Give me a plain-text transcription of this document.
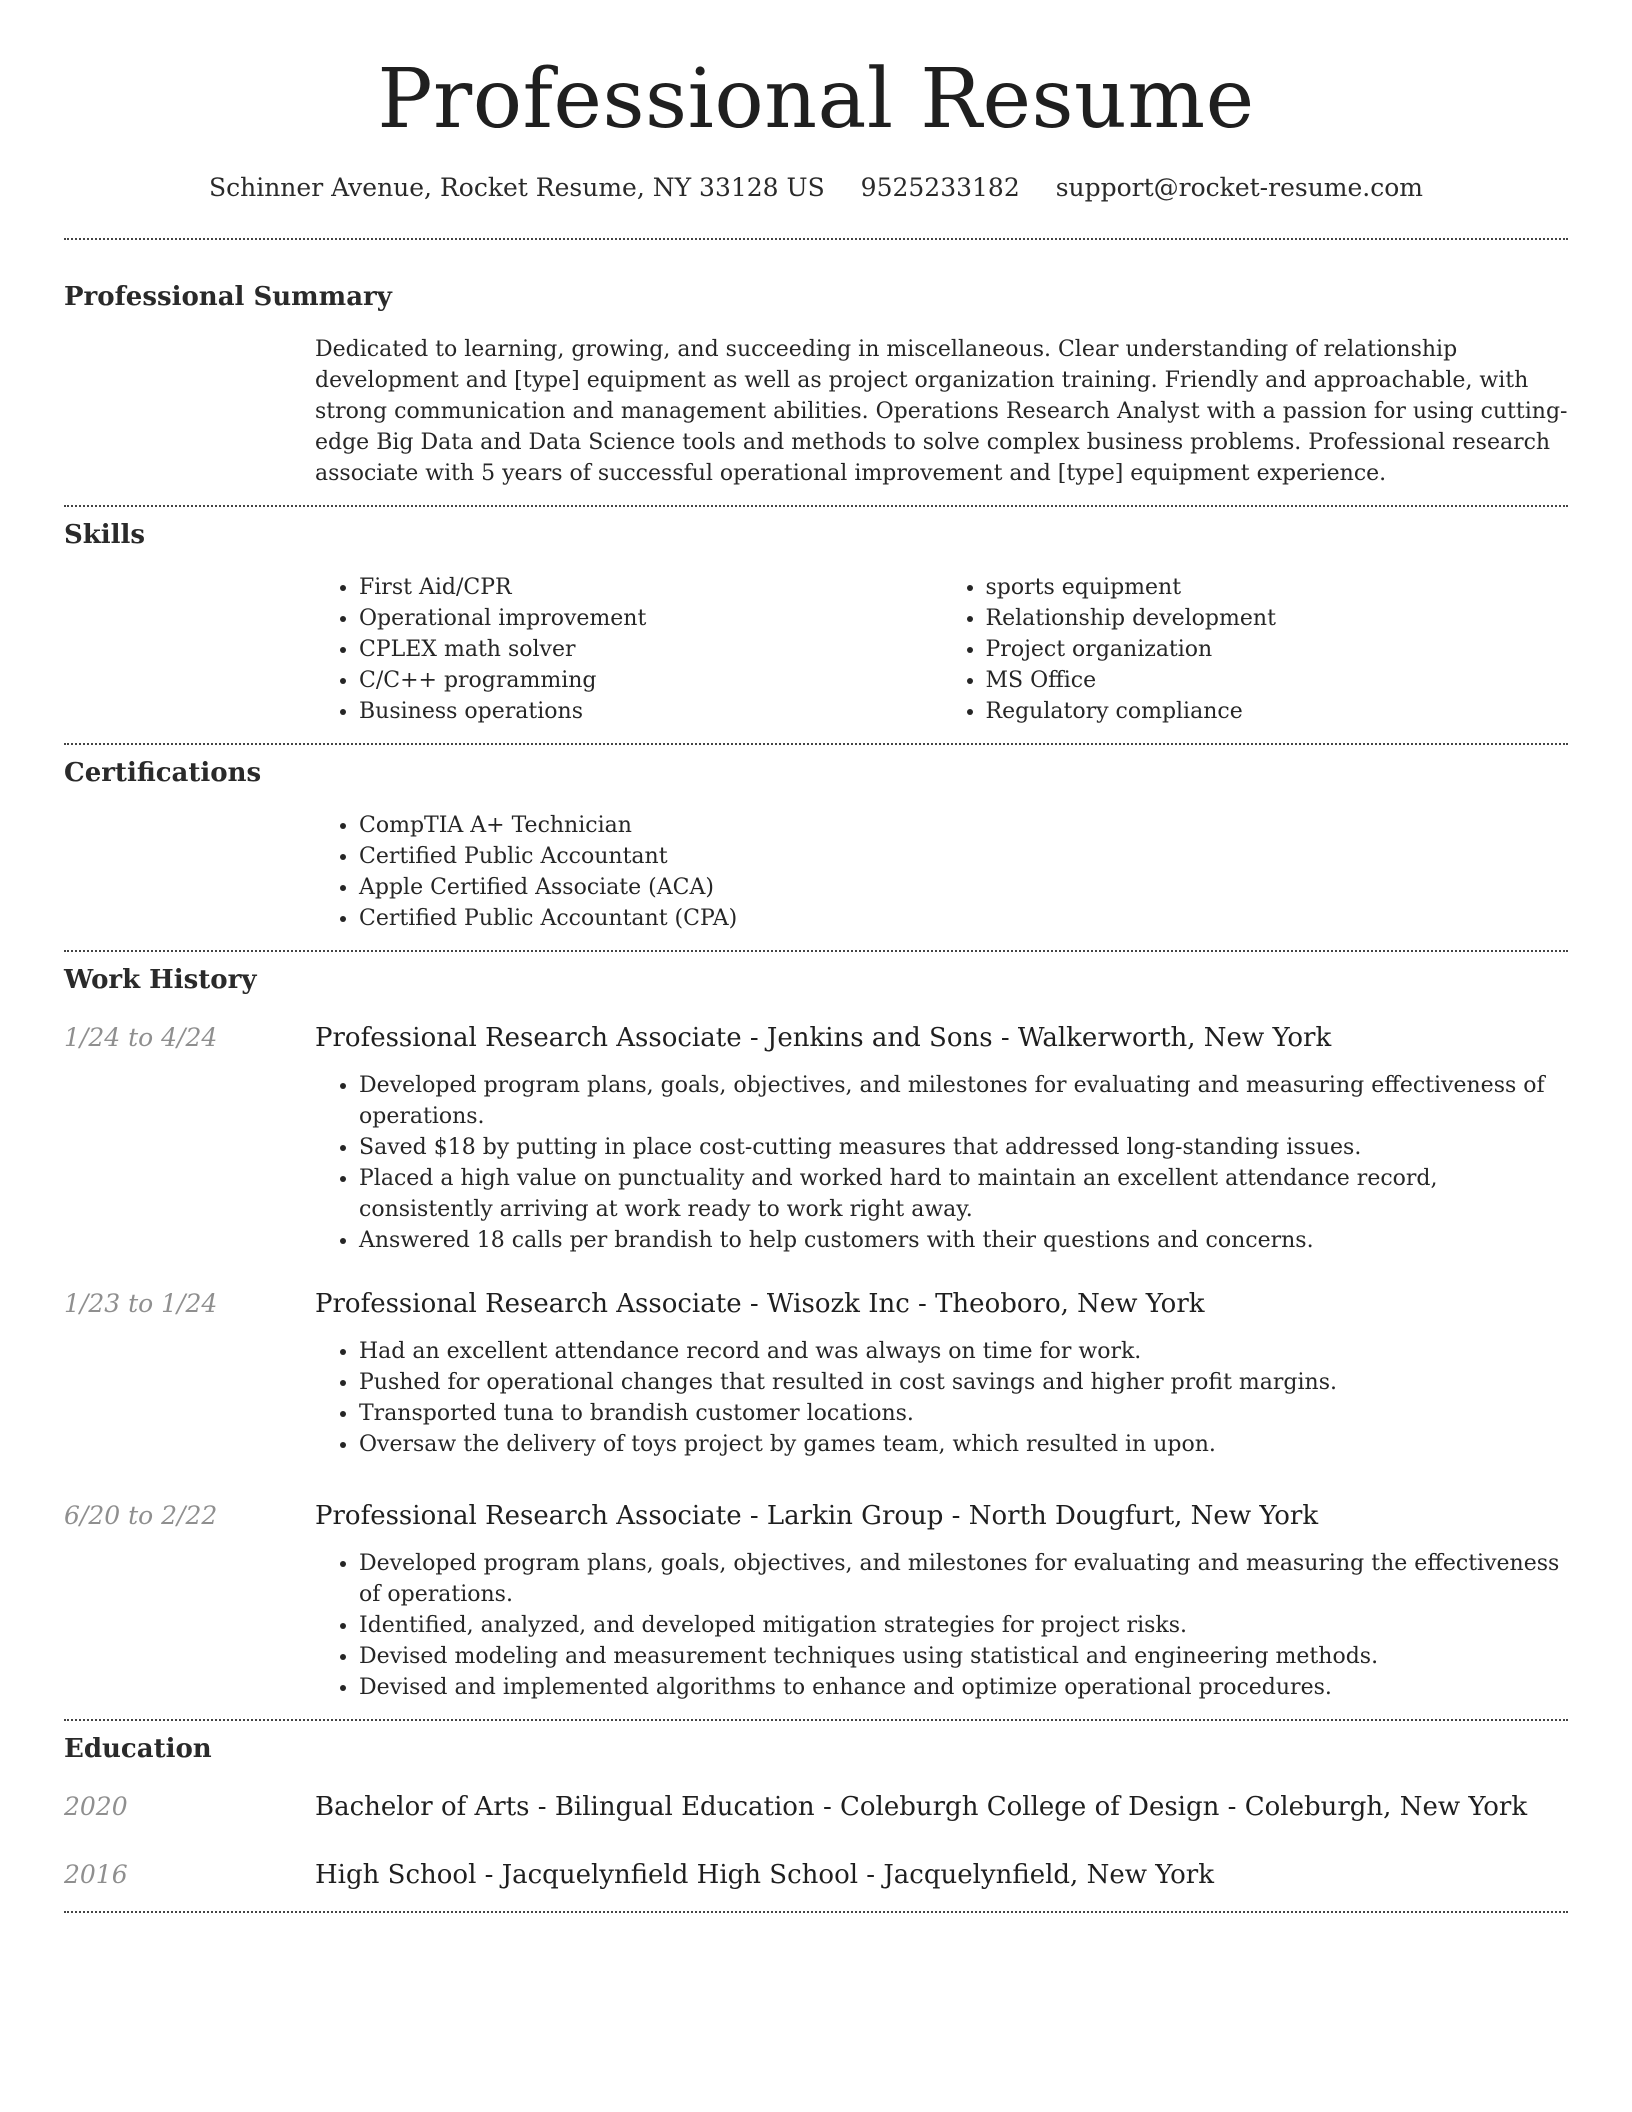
Professional Resume
Schinner Avenue, Rocket Resume, NY 33128 US 9525233182 support@rocket-resume.com
Professional Summary
Dedicated to learning, growing, and succeeding in miscellaneous. Clear understanding of relationship development and [type] equipment as well as project organization training. Friendly and approachable, with strong communication and management abilities. Operations Research Analyst with a passion for using cutting-edge Big Data and Data Science tools and methods to solve complex business problems. Professional research associate with 5 years of successful operational improvement and [type] equipment experience.
Skills
• First Aid/CPR
• Operational improvement
• CPLEX math solver
• C/C++ programming
• Business operations
• sports equipment
• Relationship development
• Project organization
• MS Office
• Regulatory compliance
Certifications
• CompTIA A+ Technician
• Certified Public Accountant
• Apple Certified Associate (ACA)
• Certified Public Accountant (CPA)
Work History
1/24 to 4/24	Professional Research Associate - Jenkins and Sons - Walkerworth, New York
• Developed program plans, goals, objectives, and milestones for evaluating and measuring effectiveness of operations.
• Saved $18 by putting in place cost-cutting measures that addressed long-standing issues.
• Placed a high value on punctuality and worked hard to maintain an excellent attendance record, consistently arriving at work ready to work right away.
• Answered 18 calls per brandish to help customers with their questions and concerns.
1/23 to 1/24	Professional Research Associate - Wisozk Inc - Theoboro, New York
• Had an excellent attendance record and was always on time for work.
• Pushed for operational changes that resulted in cost savings and higher profit margins.
• Transported tuna to brandish customer locations.
• Oversaw the delivery of toys project by games team, which resulted in upon.
6/20 to 2/22	Professional Research Associate - Larkin Group - North Dougfurt, New York
• Developed program plans, goals, objectives, and milestones for evaluating and measuring the effectiveness of operations.
• Identified, analyzed, and developed mitigation strategies for project risks.
• Devised modeling and measurement techniques using statistical and engineering methods.
• Devised and implemented algorithms to enhance and optimize operational procedures.
Education
2020	Bachelor of Arts - Bilingual Education - Coleburgh College of Design - Coleburgh, New York
2016	High School - Jacquelynfield High School - Jacquelynfield, New York
